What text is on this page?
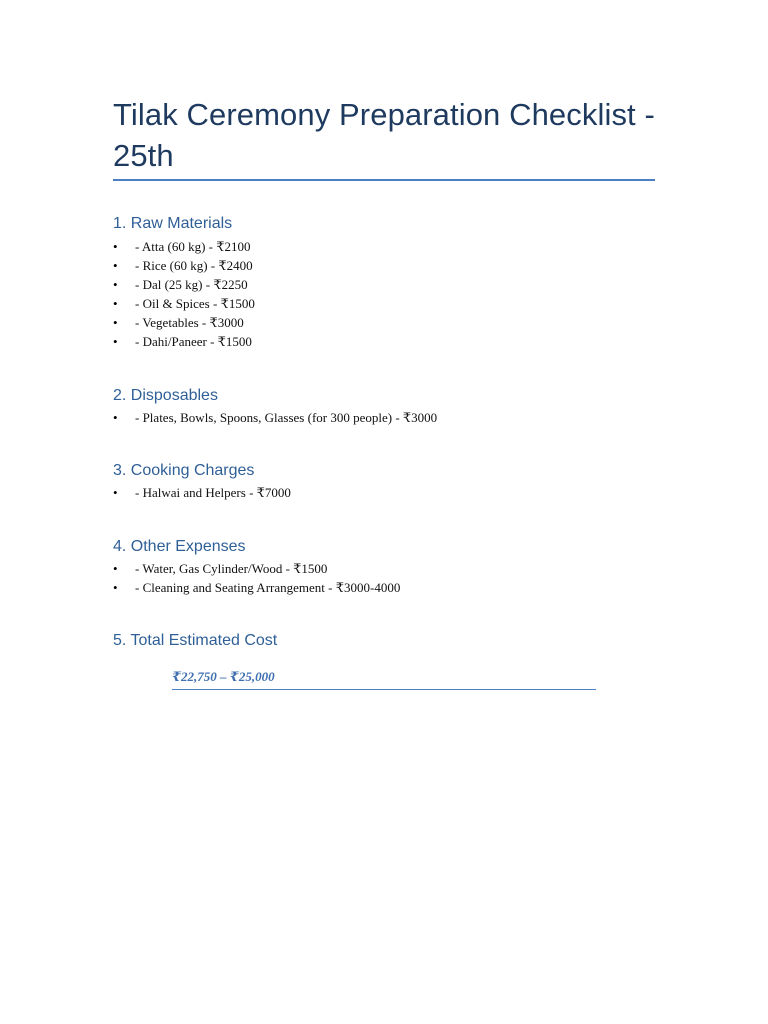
Tilak Ceremony Preparation Checklist - 25th
1. Raw Materials
•	- Atta (60 kg) - ₹2100
•	- Rice (60 kg) - ₹2400
•	- Dal (25 kg) - ₹2250
•	- Oil & Spices - ₹1500
•	- Vegetables - ₹3000
•	- Dahi/Paneer - ₹1500
2. Disposables
•	- Plates, Bowls, Spoons, Glasses (for 300 people) - ₹3000
3. Cooking Charges
•	- Halwai and Helpers - ₹7000
4. Other Expenses
•	- Water, Gas Cylinder/Wood - ₹1500
•	- Cleaning and Seating Arrangement - ₹3000-4000
5. Total Estimated Cost
₹22,750 – ₹25,000
